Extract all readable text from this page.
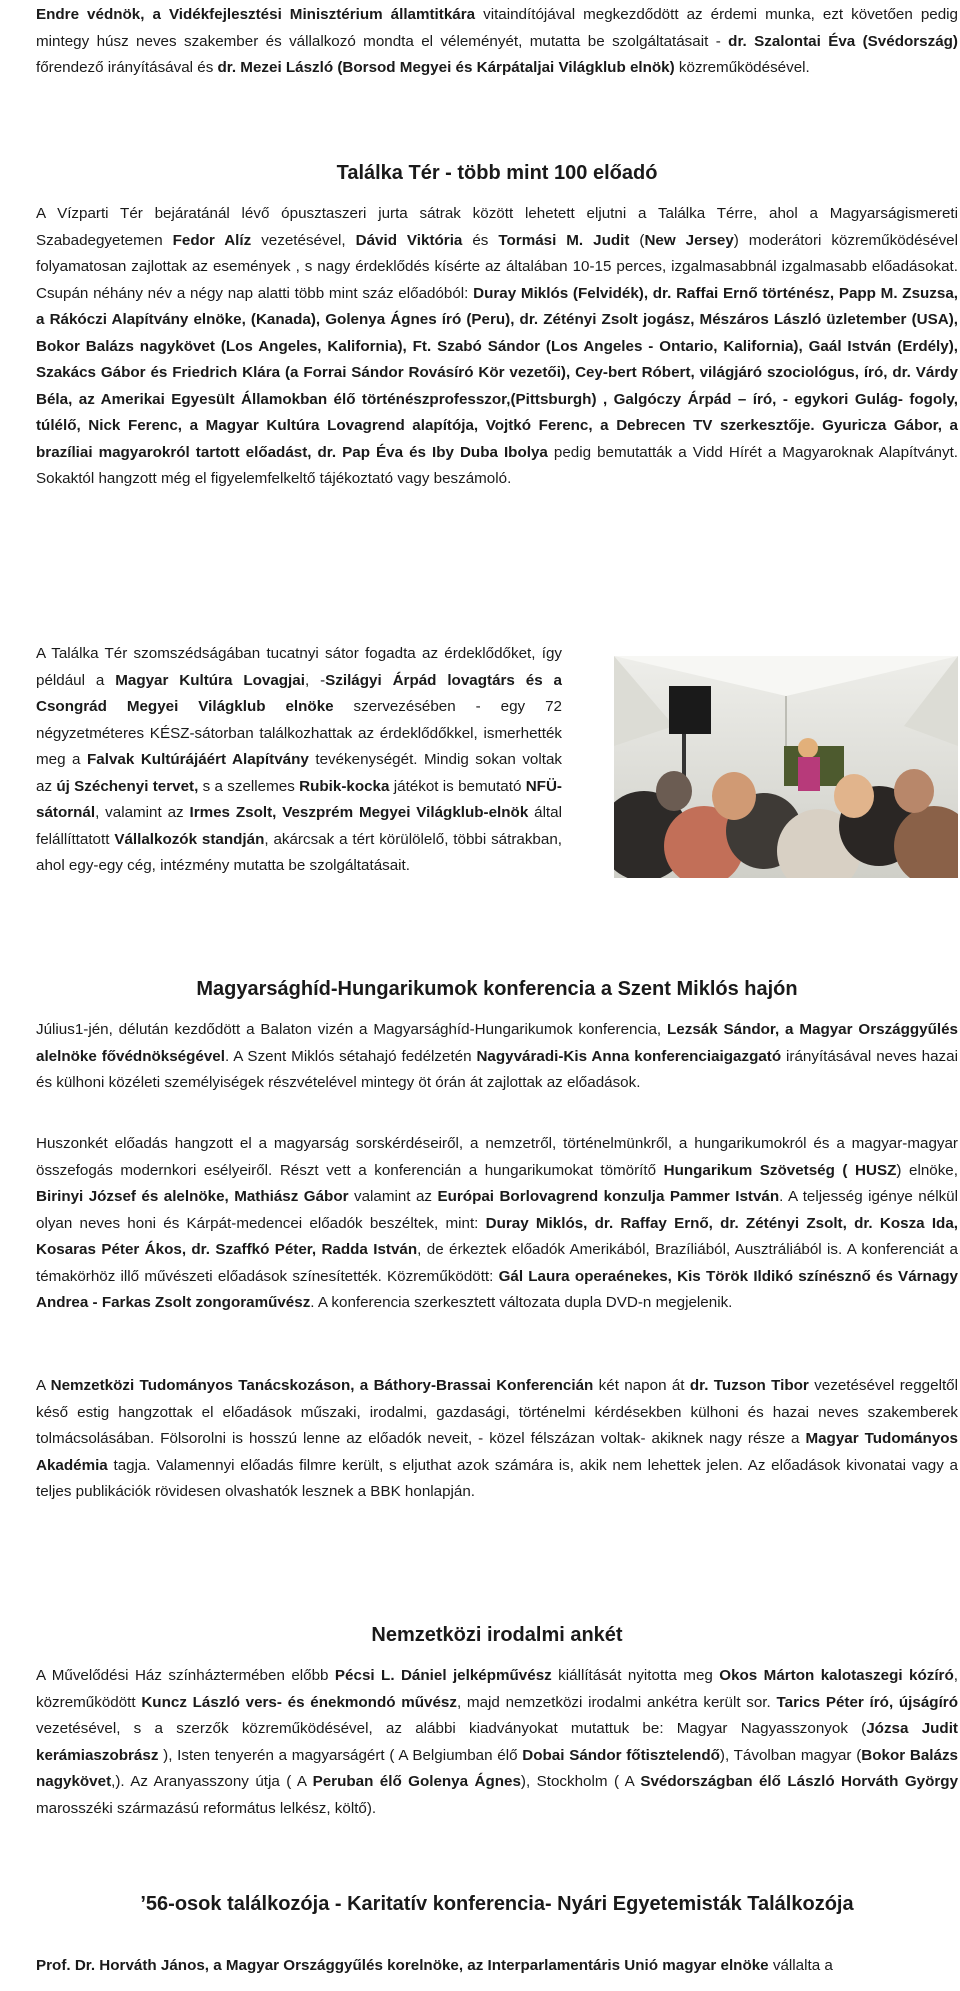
Endre védnök, a Vidékfejlesztési Minisztérium államtitkára vitaindítójával megkezdődött az érdemi munka, ezt követően pedig mintegy húsz neves szakember és vállalkozó mondta el véleményét, mutatta be szolgáltatásait - dr. Szalontai Éva (Svédország) főrendező irányításával és dr. Mezei László (Borsod Megyei és Kárpátaljai Világklub elnök) közreműködésével.

Találka Tér - több mint 100 előadó

A Vízparti Tér bejáratánál lévő ópusztaszeri jurta sátrak között lehetett eljutni a Találka Térre, ahol a Magyarságismereti Szabadegyetemen Fedor Alíz vezetésével, Dávid Viktória és Tormási M. Judit (New Jersey) moderátori közreműködésével folyamatosan zajlottak az események , s nagy érdeklődés kísérte az általában 10-15 perces, izgalmasabbnál izgalmasabb előadásokat. Csupán néhány név a négy nap alatti több mint száz előadóból: Duray Miklós (Felvidék), dr. Raffai Ernő történész, Papp M. Zsuzsa, a Rákóczi Alapítvány elnöke, (Kanada), Golenya Ágnes író (Peru), dr. Zétényi Zsolt jogász, Mészáros László üzletember (USA), Bokor Balázs nagykövet (Los Angeles, Kalifornia), Ft. Szabó Sándor (Los Angeles - Ontario, Kalifornia), Gaál István (Erdély), Szakács Gábor és Friedrich Klára (a Forrai Sándor Rovásíró Kör vezetői), Cey-bert Róbert, világjáró szociológus, író, dr. Várdy Béla, az Amerikai Egyesült Államokban élő történészprofesszor,(Pittsburgh) , Galgóczy Árpád – író, - egykori Gulág- fogoly, túlélő, Nick Ferenc, a Magyar Kultúra Lovagrend alapítója, Vojtkó Ferenc, a Debrecen TV szerkesztője. Gyuricza Gábor, a brazíliai magyarokról tartott előadást, dr. Pap Éva és Iby Duba Ibolya pedig bemutatták a Vidd Hírét a Magyaroknak Alapítványt. Sokaktól hangzott még el figyelemfelkeltő tájékoztató vagy beszámoló.

A Találka Tér szomszédságában tucatnyi sátor fogadta az érdeklődőket, így például a Magyar Kultúra Lovagjai, -Szilágyi Árpád lovagtárs és a Csongrád Megyei Világklub elnöke szervezésében - egy 72 négyzetméteres KÉSZ-sátorban találkozhattak az érdeklődőkkel, ismerhették meg a Falvak Kultúrájáért Alapítvány tevékenységét. Mindig sokan voltak az új Széchenyi tervet, s a szellemes Rubik-kocka játékot is bemutató NFÜ-sátornál, valamint az Irmes Zsolt, Veszprém Megyei Világklub-elnök által felállíttatott Vállalkozók standján, akárcsak a tért körülölelő, többi sátrakban, ahol egy-egy cég, intézmény mutatta be szolgáltatásait.

Magyarsághíd-Hungarikumok konferencia a Szent Miklós hajón

Július1-jén, délután kezdődött a Balaton vizén a Magyarsághíd-Hungarikumok konferencia, Lezsák Sándor, a Magyar Országgyűlés alelnöke fővédnökségével. A Szent Miklós sétahajó fedélzetén Nagyváradi-Kis Anna konferenciaigazgató irányításával neves hazai és külhoni közéleti személyiségek részvételével mintegy öt órán át zajlottak az előadások.

Huszonkét előadás hangzott el a magyarság sorskérdéseiről, a nemzetről, történelmünkről, a hungarikumokról és a magyar-magyar összefogás modernkori esélyeiről. Részt vett a konferencián a hungarikumokat tömörítő Hungarikum Szövetség ( HUSZ) elnöke, Birinyi József és alelnöke, Mathiász Gábor valamint az Európai Borlovagrend konzulja Pammer István. A teljesség igénye nélkül olyan neves honi és Kárpát-medencei előadók beszéltek, mint: Duray Miklós, dr. Raffay Ernő, dr. Zétényi Zsolt, dr. Kosza Ida, Kosaras Péter Ákos, dr. Szaffkó Péter, Radda István, de érkeztek előadók Amerikából, Brazíliából, Ausztráliából is. A konferenciát a témakörhöz illő művészeti előadások színesítették. Közreműködött: Gál Laura operaénekes, Kis Török Ildikó színésznő és Várnagy Andrea - Farkas Zsolt zongoraművész. A konferencia szerkesztett változata dupla DVD-n megjelenik.

A Nemzetközi Tudományos Tanácskozáson, a Báthory-Brassai Konferencián két napon át dr. Tuzson Tibor vezetésével reggeltől késő estig hangzottak el előadások műszaki, irodalmi, gazdasági, történelmi kérdésekben külhoni és hazai neves szakemberek tolmácsolásában. Fölsorolni is hosszú lenne az előadók neveit, - közel félszázan voltak- akiknek nagy része a Magyar Tudományos Akadémia tagja. Valamennyi előadás filmre került, s eljuthat azok számára is, akik nem lehettek jelen. Az előadások kivonatai vagy a teljes publikációk rövidesen olvashatók lesznek a BBK honlapján.

Nemzetközi irodalmi ankét

A Művelődési Ház színháztermében előbb Pécsi L. Dániel jelképművész kiállítását nyitotta meg Okos Márton kalotaszegi kózíró, közreműködött Kuncz László vers- és énekmondó művész, majd nemzetközi irodalmi ankétra került sor. Tarics Péter író, újságíró vezetésével, s a szerzők közreműködésével, az alábbi kiadványokat mutattuk be: Magyar Nagyasszonyok (Józsa Judit kerámiaszobrász ), Isten tenyerén a magyarságért ( A Belgiumban élő Dobai Sándor főtisztelendő), Távolban magyar (Bokor Balázs nagykövet,). Az Aranyasszony útja ( A Peruban élő Golenya Ágnes), Stockholm ( A Svédországban élő László Horváth György marosszéki származású református lelkész, költő).

’56-osok találkozója - Karitatív konferencia- Nyári Egyetemisták Találkozója

Prof. Dr. Horváth János, a Magyar Országgyűlés korelnöke, az Interparlamentáris Unió magyar elnöke vállalta a
